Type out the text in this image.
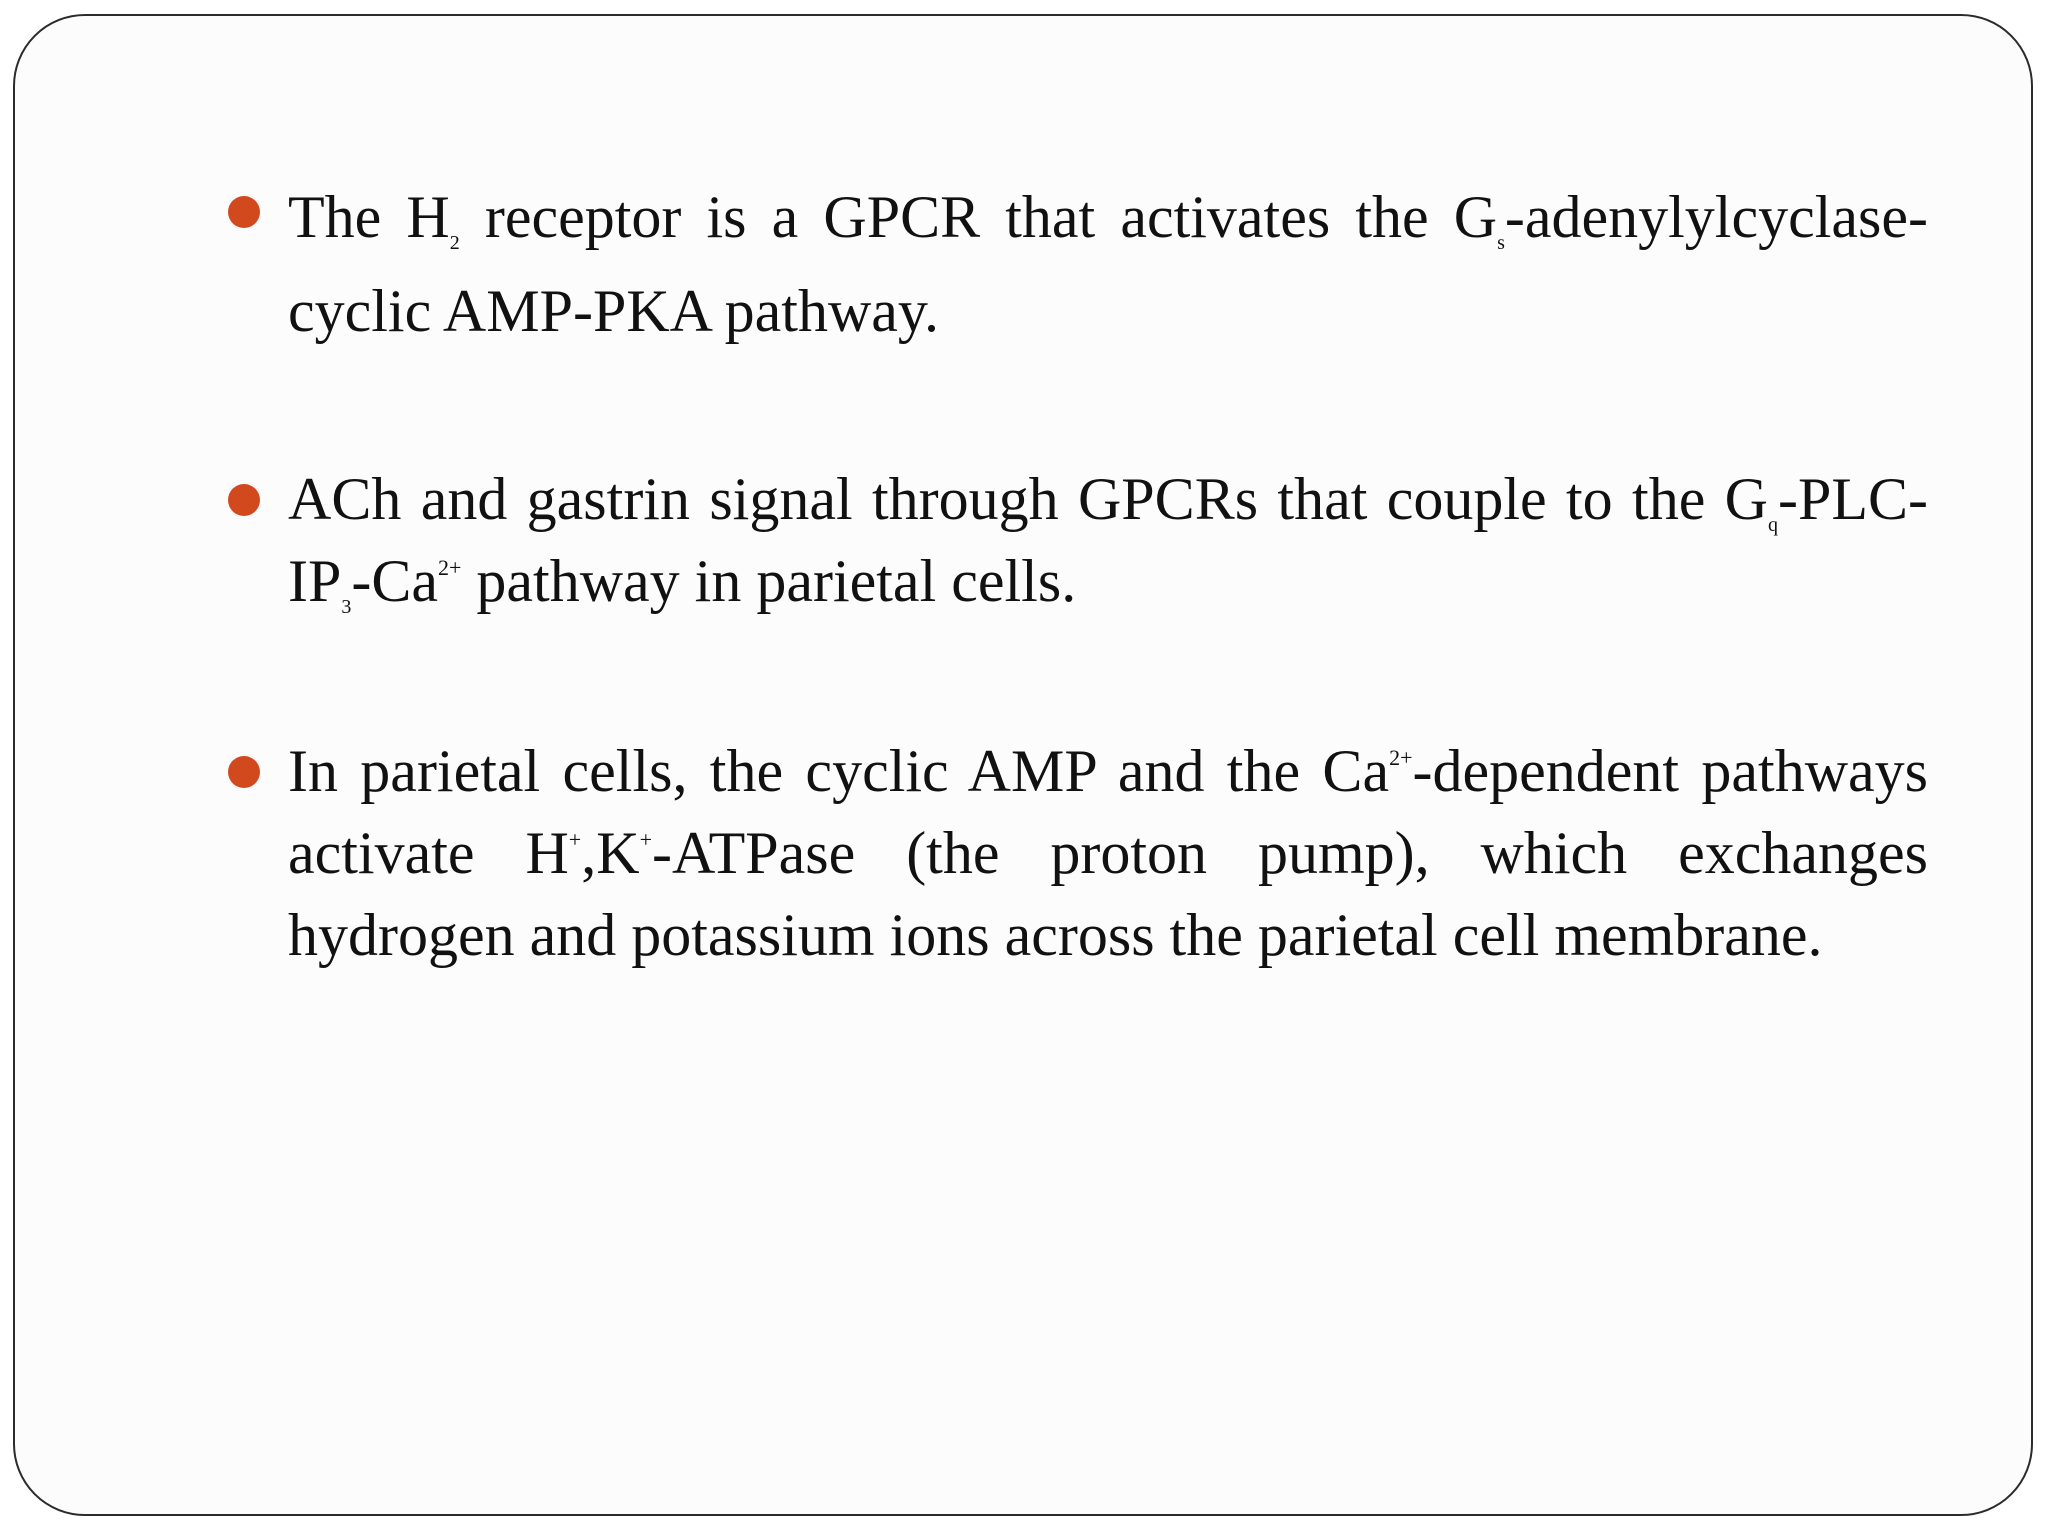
The $H_2$ receptor is a GPCR that activates the $G_s-adenylylcyclase$-cyclic AMP-PKA pathway.
ACh and gastrin signal through GPCRs that couple to the $G_q-PLC-IP_3-Ca^{2+}$ pathway in parietal cells.
In parietal cells, the cyclic AMP and the $Ca^{2+}$-dependent pathways activate H+,K+-ATPase (the proton pump), which exchanges hydrogen and potassium ions across the parietal cell membrane.
